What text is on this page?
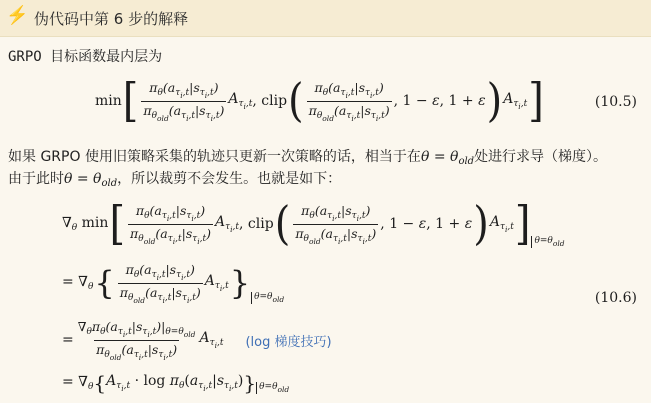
⚡ 伪代码中第 6 步的解释
GRPO 目标函数最内层为
min [ $\frac{\pi_\theta(a_{\tau_i,t}|s_{\tau_i,t})}{\pi_{\theta_{old}}(a_{\tau_i,t}|s_{\tau_i,t})} A_{\tau_i,t}$ , clip ( $\frac{\pi_\theta(a_{\tau_i,t}|s_{\tau_i,t})}{\pi_{\theta_{old}}(a_{\tau_i,t}|s_{\tau_i,t})}$ , 1 − ε, 1 + ε ) $A_{\tau_i,t}$ ]	(10.5)
如果 GRPO 使用旧策略采集的轨迹只更新一次策略的话，相当于在$\theta = \theta_{old}$处进行求导（梯度）。
由于此时$\theta = \theta_{old}$，所以裁剪不会发生。也就是如下：
$\nabla_\theta$ min [ $\frac{\pi_\theta(a_{\tau_i,t}|s_{\tau_i,t})}{\pi_{\theta_{old}}(a_{\tau_i,t}|s_{\tau_i,t})} A_{\tau_i,t}$ , clip ( $\frac{\pi_\theta(a_{\tau_i,t}|s_{\tau_i,t})}{\pi_{\theta_{old}}(a_{\tau_i,t}|s_{\tau_i,t})}$ , 1 − ε, 1 + ε ) $A_{\tau_i,t}$ ] $\theta=\theta_{old}$
= $\nabla_\theta$ { $\frac{\pi_\theta(a_{\tau_i,t}|s_{\tau_i,t})}{\pi_{\theta_{old}}(a_{\tau_i,t}|s_{\tau_i,t})} A_{\tau_i,t}$ } $\theta=\theta_{old}$	(10.6)
= $\frac{\nabla_\theta\pi_\theta(a_{\tau_i,t}|s_{\tau_i,t})|_{\theta=\theta_{old}}}{\pi_{\theta_{old}}(a_{\tau_i,t}|s_{\tau_i,t})} A_{\tau_i,t}$ (log 梯度技巧)
= $\nabla_\theta$ { $A_{\tau_i,t} \cdot \log \pi_\theta(a_{\tau_i,t}|s_{\tau_i,t})$ } $\theta=\theta_{old}$
